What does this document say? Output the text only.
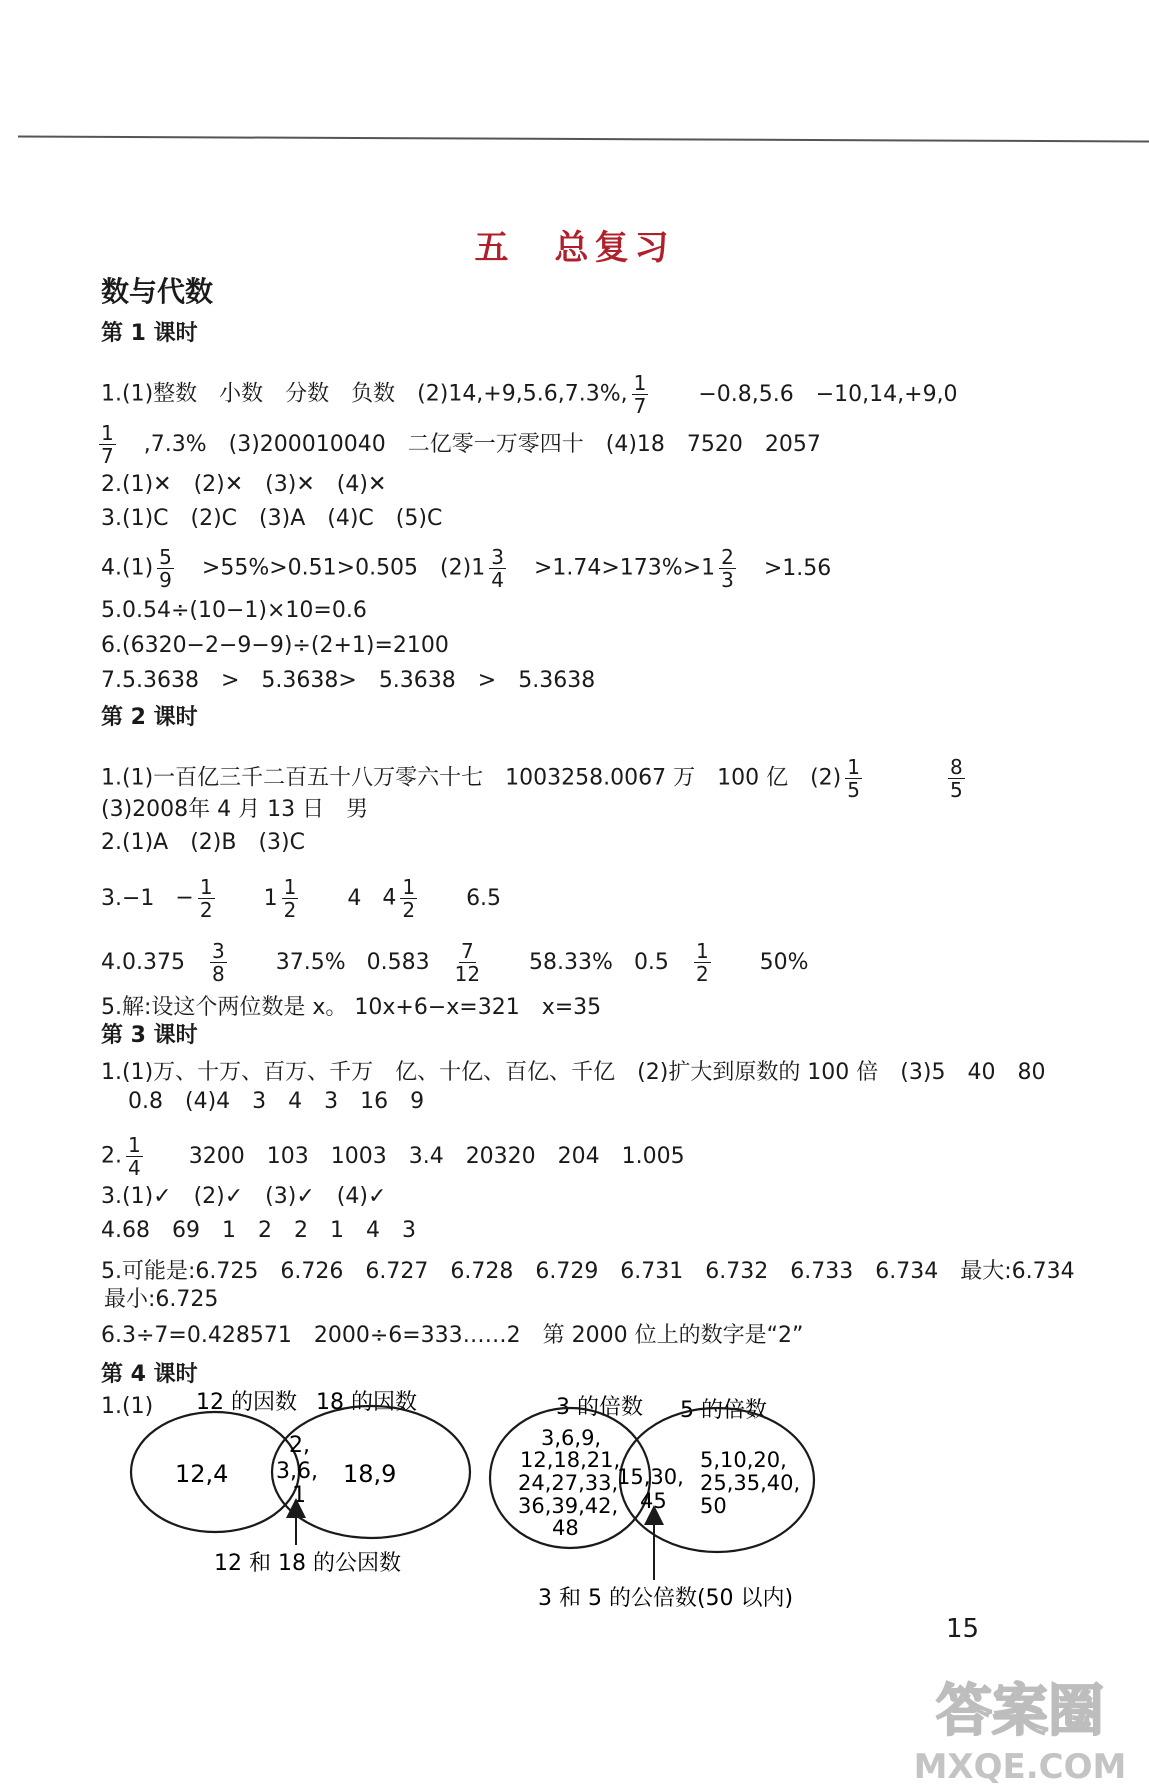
五　总复习
数与代数
第 1 课时
1.(1)整数　小数　分数　负数　(2)14,+9,5.6,7.3%, $\frac{1}{7}$ 　−0.8,5.6　−10,14,+9,0
$\frac{1}{7} ,7.3\%$　(3)200010040　二亿零一万零四十　(4)18　7520　2057
2.(1)✕　(2)✕　(3)✕　(4)✕
3.(1)C　(2)C　(3)A　(4)C　(5)C
$4.(1) \frac{5}{9} >55\%>0.51>0.505$　$(2)1 \frac{3}{4} >1.74>173\%>1 \frac{2}{3} >1.56$
5.0.54÷(10−1)×10=0.6
6.(6320−2−9−9)÷(2+1)=2100
7.5.3638　>　5.3638>　5.3638　>　5.3638
第 2 课时
1.(1)一百亿三千二百五十八万零六十七　1003258.0067 万　100 亿　$(2) \frac{1}{5}$	$\frac{8}{5}$
(3)2008年 4 月 13 日　男
2.(1)A　(2)B　(3)C
$3.-1 - \frac{1}{2} 1 \frac{1}{2} 4$ $4 \frac{1}{2} 6.5$
$4.0.375 \frac{3}{8} 37.5\%$ $0.583 \frac{7}{12} 58.33\%$ $0.5 \frac{1}{2} 50\%$
5.解:设这个两位数是 x。 10x+6−x=321　x=35
第 3 课时
1.(1)万、十万、百万、千万　亿、十亿、百亿、千亿　(2)扩大到原数的 100 倍　(3)5　40　80
0.8　(4)4　3　4　3　16　9
2. $\frac{1}{4} 3200$　103　1003　3.4　20320　204　1.005
3.(1)✓　(2)✓　(3)✓　(4)✓
4.68　69　1　2　2　1　4　3
5.可能是:6.725　6.726　6.727　6.728　6.729　6.731　6.732　6.733　6.734　最大:6.734
最小:6.725
6.3÷7=0.428571　2000÷6=333……2　第 2000 位上的数字是“2”
第 4 课时
1.(1) 12 的因数 18 的因数
12,4
2,
3,6,
1
18,9
12 和 18 的公因数
3 的倍数 5 的倍数
3,6,9,
12,18,21,
24,27,33,
36,39,42,
48
15,30,
45
5,10,20,
25,35,40,
50
3 和 5 的公倍数(50 以内)
15
答案圈
MXQE.COM
